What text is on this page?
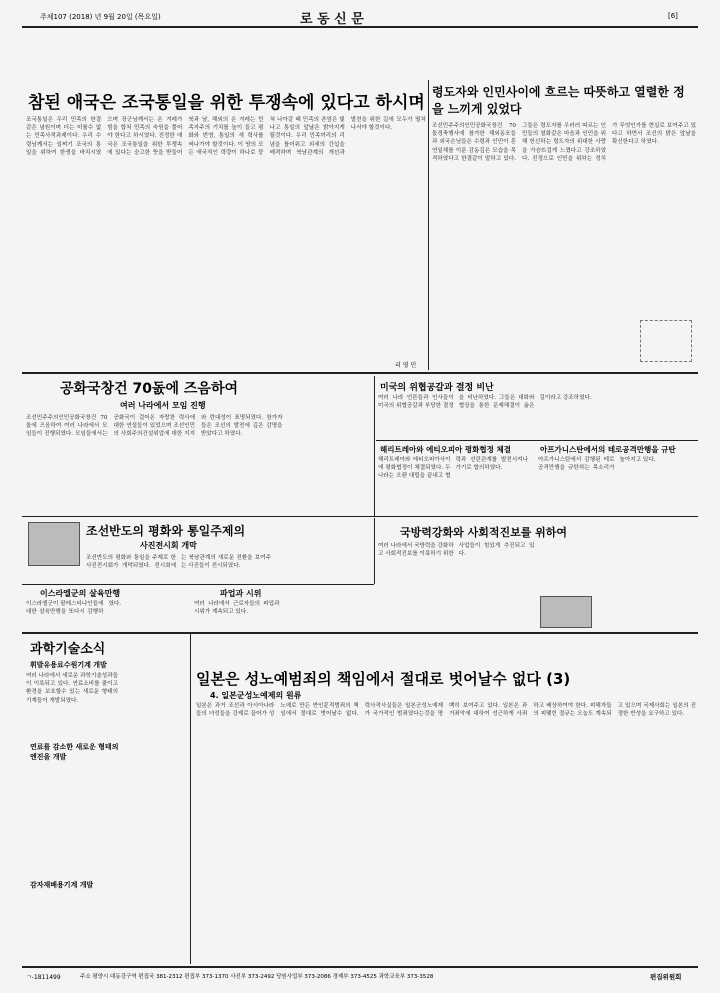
주체107 (2018) 년 9월 20일 (목요일)	로 동 신 문	[6]
참된 애국은 조국통일을 위한 투쟁속에 있다고 하시며
조국통일은 우리 민족의 한결같은 념원이며 더는 미룰수 없는 민족사적과제이다. 우리 수령님께서는 일찌기 조국의 통일을 위하여 한생을 바치시였으며 장군님께서는 온 겨레가 힘을 합쳐 민족의 숙원을 풀어야 한다고 하시였다. 진정한 애국은 조국통일을 위한 투쟁속에 있다는 숭고한 뜻을 받들어 북과 남, 해외의 온 겨레는 민족자주의 기치를 높이 들고 평화와 번영, 통일의 새 력사를 써나가야 할것이다. 이 땅의 모든 애국적인 력량이 하나로 뭉쳐 나아갈 때 민족의 존엄은 빛나고 통일의 앞날은 밝아지게 될것이다. 우리 민족끼리의 리념을 틀어쥐고 외세의 간섭을 배격하며 북남관계의 개선과 발전을 위한 길에 모두가 떨쳐나서야 할것이다.
리 영 민
령도자와 인민사이에 흐르는 따뜻하고 열렬한 정을 느끼게 있었다
조선민주주의인민공화국창건 70돐경축행사에 참가한 해외동포들과 외국손님들은 수령과 인민이 혼연일체를 이룬 감동깊은 모습을 목격하였다고 한결같이 말하고 있다. 그들은 령도자를 우러러 따르는 인민들의 열화같은 마음과 인민을 위해 헌신하는 령도자의 위대한 사랑을 가슴뜨겁게 느꼈다고 강조하였다. 진정으로 인민을 위하는 정치가 무엇인가를 현실로 보여주고 있다고 하면서 조선의 밝은 앞날을 확신한다고 하였다.
공화국창건 70돐에 즈음하여
여러 나라에서 모임 진행
조선민주주의인민공화국창건 70돐에 즈음하여 여러 나라에서 모임들이 진행되였다. 모임들에서는 공화국이 걸어온 자랑찬 력사에 대한 연설들이 있었으며 조선인민의 사회주의건설위업에 대한 지지와 련대성이 표명되였다. 참가자들은 조선의 발전에 깊은 감명을 받았다고 하였다.
미국의 위협공갈과 결정 비난
여러 나라 언론들과 인사들이 미국의 위협공갈과 부당한 결정을 비난하였다. 그들은 대화와 협상을 통한 문제해결이 옳은 길이라고 강조하였다.
해리트레아와 에티오피아 평화협정 체결
해리트레아와 에티오피아사이에 평화협정이 체결되였다. 두 나라는 오랜 대립을 끝내고 협력과 선린관계를 발전시켜나가기로 합의하였다.
아프가니스탄에서의 테로공격만행을 규탄
아프가니스탄에서 감행된 테로공격만행을 규탄하는 목소리가 높아지고 있다.
조선반도의 평화와 통일주제의
사진전시회 개막
조선반도의 평화와 통일을 주제로 한 사진전시회가 개막되였다. 전시회에는 북남관계의 새로운 전환을 보여주는 사진들이 전시되였다.
국방력강화와 사회적진보를 위하여
여러 나라에서 국방력을 강화하고 사회적진보를 이룩하기 위한 사업들이 힘있게 추진되고 있다.
이스라엘군의 살육만행
이스라엘군이 팔레스티나인들에 대한 살육만행을 또다시 감행하였다.
파업과 시위
여러 나라에서 근로자들의 파업과 시위가 계속되고 있다.
과학기술소식
휘발유용료수원기계 개발
여러 나라에서 새로운 과학기술성과들이 이룩되고 있다. 연료소비를 줄이고 환경을 보호할수 있는 새로운 형태의 기계들이 개발되였다.
연료를 감소한 새로운 형태의 엔진을 개발
감자재배용기계 개발
일본은 성노예범죄의 책임에서 절대로 벗어날수 없다 (3)
4. 일본군성노예제의 원류
일본은 과거 조선과 아시아나라들의 녀성들을 강제로 끌어가 성노예로 만든 반인륜적범죄의 책임에서 절대로 벗어날수 없다. 력사적사실들은 일본군성노예제가 국가적인 범죄였다는것을 명백히 보여주고 있다. 일본은 과거죄악에 대하여 성근하게 사죄하고 배상하여야 한다. 피해자들의 피맺힌 절규는 오늘도 계속되고 있으며 국제사회는 일본의 진정한 반성을 요구하고 있다.
ㄱ-1811499	주소 평양시 대동강구역 편집국 381-2312 편집부 373-1370 사진부 373-2492 당원사업부 373-2086 경제부 373-4525 과학교육부 373-3528	편집위원회
